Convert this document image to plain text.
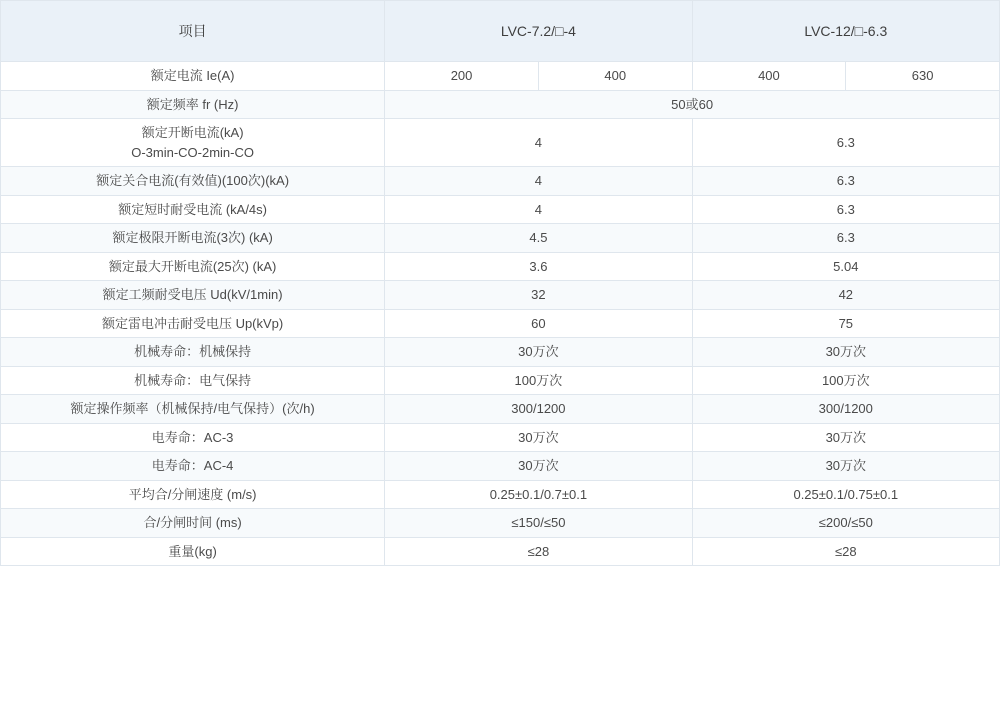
项目	LVC-7.2/□-4		LVC-12/□-6.3	
额定电流 Ie(A)	200	400	400	630
额定频率 fr (Hz)	50或60			

额定开断电流(kA)
O-3min-CO-2min-CO	4		6.3	
额定关合电流(有效值)(100次)(kA)	4		6.3	
额定短时耐受电流 (kA/4s)	4		6.3	
额定极限开断电流(3次) (kA)	4.5		6.3	
额定最大开断电流(25次) (kA)	3.6		5.04	
额定工频耐受电压 Ud(kV/1min)	32		42	
额定雷电冲击耐受电压 Up(kVp)	60		75	
机械寿命：机械保持	30万次		30万次	
机械寿命：电气保持	100万次		100万次	
额定操作频率（机械保持/电气保持）(次/h)	300/1200		300/1200	
电寿命：AC-3	30万次		30万次	
电寿命：AC-4	30万次		30万次	
平均合/分闸速度 (m/s)	0.25±0.1/0.7±0.1		0.25±0.1/0.75±0.1	
合/分闸时间 (ms)	≤150/≤50		≤200/≤50	
重量(kg)	≤28		≤28	
